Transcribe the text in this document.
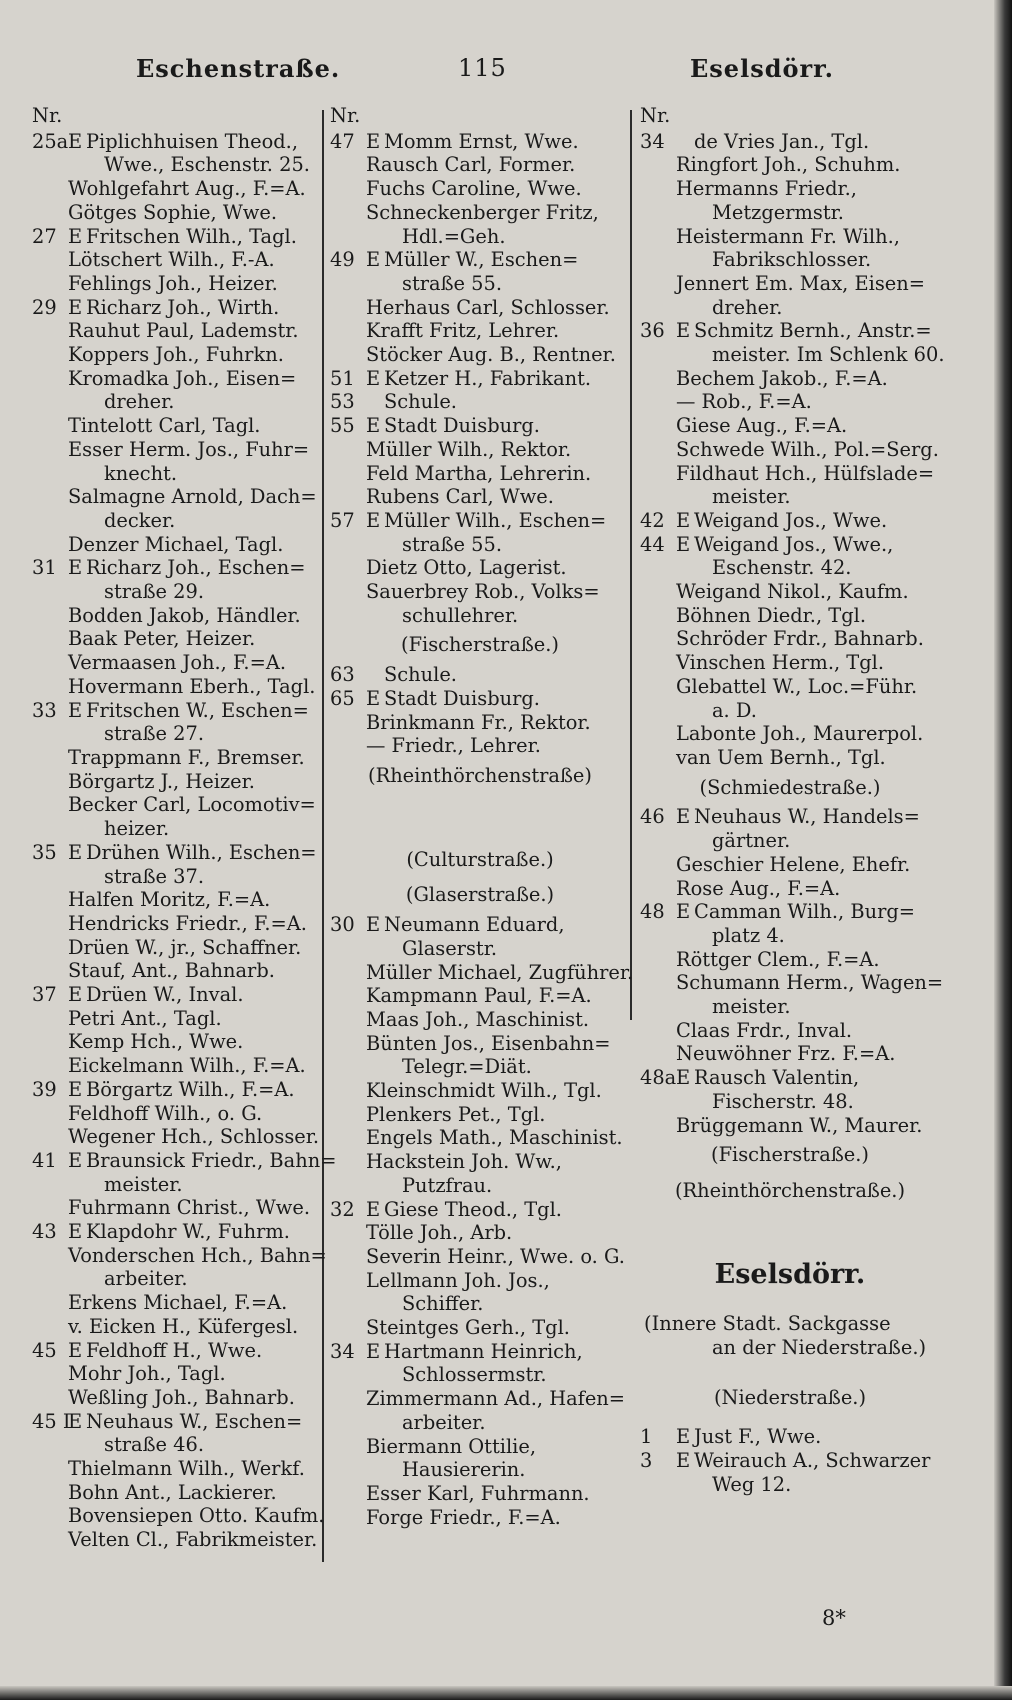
Eschenstraße.	115	Eselsdörr.
Nr.
25aE Piplichhuisen Theod.,
Wwe., Eschenstr. 25.
Wohlgefahrt Aug., F.=A.
Götges Sophie, Wwe.
27 E Fritschen Wilh., Tagl.
Lötschert Wilh., F.-A.
Fehlings Joh., Heizer.
29 E Richarz Joh., Wirth.
Rauhut Paul, Lademstr.
Koppers Joh., Fuhrkn.
Kromadka Joh., Eisen=
dreher.
Tintelott Carl, Tagl.
Esser Herm. Jos., Fuhr=
knecht.
Salmagne Arnold, Dach=
decker.
Denzer Michael, Tagl.
31 E Richarz Joh., Eschen=
straße 29.
Bodden Jakob, Händler.
Baak Peter, Heizer.
Vermaasen Joh., F.=A.
Hovermann Eberh., Tagl.
33 E Fritschen W., Eschen=
straße 27.
Trappmann F., Bremser.
Börgartz J., Heizer.
Becker Carl, Locomotiv=
heizer.
35 E Drühen Wilh., Eschen=
straße 37.
Halfen Moritz, F.=A.
Hendricks Friedr., F.=A.
Drüen W., jr., Schaffner.
Stauf, Ant., Bahnarb.
37 E Drüen W., Inval.
Petri Ant., Tagl.
Kemp Hch., Wwe.
Eickelmann Wilh., F.=A.
39 E Börgartz Wilh., F.=A.
Feldhoff Wilh., o. G.
Wegener Hch., Schlosser.
41 E Braunsick Friedr., Bahn=
meister.
Fuhrmann Christ., Wwe.
43 E Klapdohr W., Fuhrm.
Vonderschen Hch., Bahn=
arbeiter.
Erkens Michael, F.=A.
v. Eicken H., Küfergesl.
45 E Feldhoff H., Wwe.
Mohr Joh., Tagl.
Weßling Joh., Bahnarb.
45 IE Neuhaus W., Eschen=
straße 46.
Thielmann Wilh., Werkf.
Bohn Ant., Lackierer.
Bovensiepen Otto. Kaufm.
Velten Cl., Fabrikmeister.
Nr.
47 E Momm Ernst, Wwe.
Rausch Carl, Former.
Fuchs Caroline, Wwe.
Schneckenberger Fritz,
Hdl.=Geh.
49 E Müller W., Eschen=
straße 55.
Herhaus Carl, Schlosser.
Krafft Fritz, Lehrer.
Stöcker Aug. B., Rentner.
51 E Ketzer H., Fabrikant.
53 Schule.
55 E Stadt Duisburg.
Müller Wilh., Rektor.
Feld Martha, Lehrerin.
Rubens Carl, Wwe.
57 E Müller Wilh., Eschen=
straße 55.
Dietz Otto, Lagerist.
Sauerbrey Rob., Volks=
schullehrer.
(Fischerstraße.)
63 Schule.
65 E Stadt Duisburg.
Brinkmann Fr., Rektor.
— Friedr., Lehrer.
(Rheinthörchenstraße)
(Culturstraße.)
(Glaserstraße.)
30 E Neumann Eduard,
Glaserstr.
Müller Michael, Zugführer.
Kampmann Paul, F.=A.
Maas Joh., Maschinist.
Bünten Jos., Eisenbahn=
Telegr.=Diät.
Kleinschmidt Wilh., Tgl.
Plenkers Pet., Tgl.
Engels Math., Maschinist.
Hackstein Joh. Ww.,
Putzfrau.
32 E Giese Theod., Tgl.
Tölle Joh., Arb.
Severin Heinr., Wwe. o. G.
Lellmann Joh. Jos.,
Schiffer.
Steintges Gerh., Tgl.
34 E Hartmann Heinrich,
Schlossermstr.
Zimmermann Ad., Hafen=
arbeiter.
Biermann Ottilie,
Hausiererin.
Esser Karl, Fuhrmann.
Forge Friedr., F.=A.
Nr.
34 de Vries Jan., Tgl.
Ringfort Joh., Schuhm.
Hermanns Friedr.,
Metzgermstr.
Heistermann Fr. Wilh.,
Fabrikschlosser.
Jennert Em. Max, Eisen=
dreher.
36 E Schmitz Bernh., Anstr.=
meister. Im Schlenk 60.
Bechem Jakob., F.=A.
— Rob., F.=A.
Giese Aug., F.=A.
Schwede Wilh., Pol.=Serg.
Fildhaut Hch., Hülfslade=
meister.
42 E Weigand Jos., Wwe.
44 E Weigand Jos., Wwe.,
Eschenstr. 42.
Weigand Nikol., Kaufm.
Böhnen Diedr., Tgl.
Schröder Frdr., Bahnarb.
Vinschen Herm., Tgl.
Glebattel W., Loc.=Führ.
a. D.
Labonte Joh., Maurerpol.
van Uem Bernh., Tgl.
(Schmiedestraße.)
46 E Neuhaus W., Handels=
gärtner.
Geschier Helene, Ehefr.
Rose Aug., F.=A.
48 E Camman Wilh., Burg=
platz 4.
Röttger Clem., F.=A.
Schumann Herm., Wagen=
meister.
Claas Frdr., Inval.
Neuwöhner Frz. F.=A.
48aE Rausch Valentin,
Fischerstr. 48.
Brüggemann W., Maurer.
(Fischerstraße.)
(Rheinthörchenstraße.)
Eselsdörr.
(Innere Stadt. Sackgasse
an der Niederstraße.)
(Niederstraße.)
1 E Just F., Wwe.
3 E Weirauch A., Schwarzer
Weg 12.
8*
